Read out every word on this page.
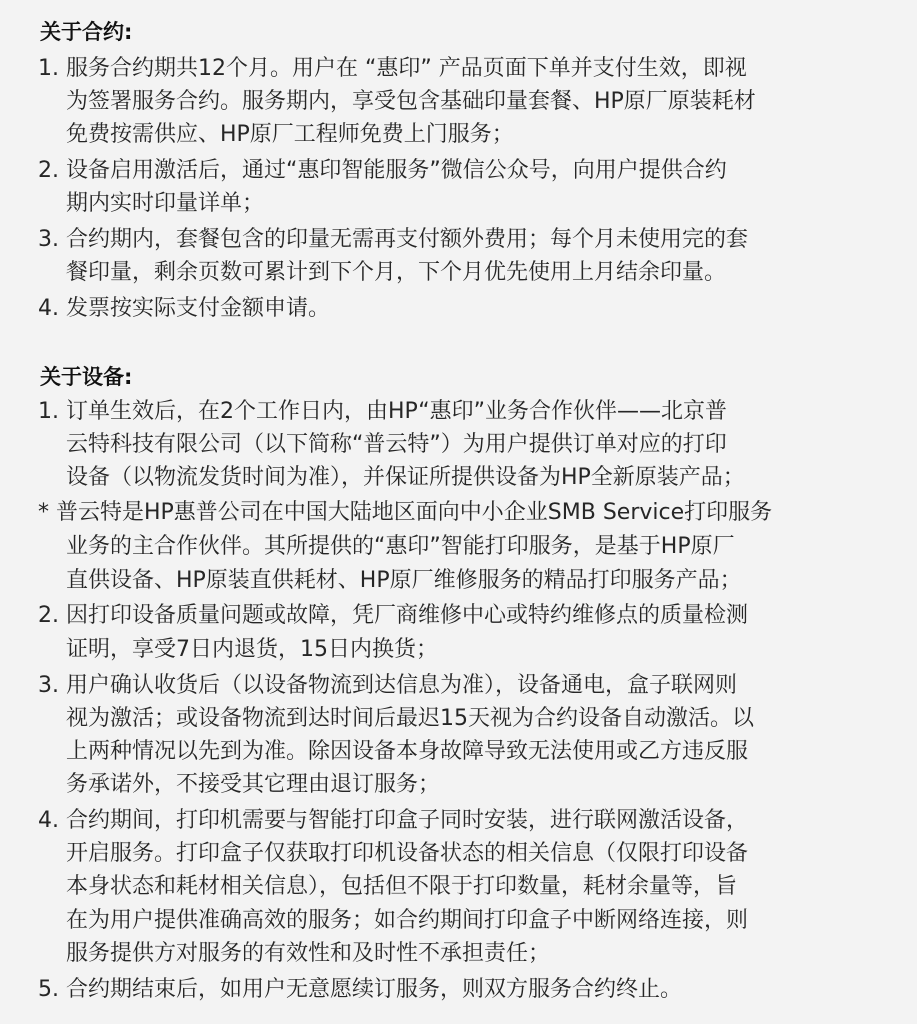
关于合约:
1. 服务合约期共12个月。用户在 “惠印” 产品页面下单并支付生效，即视
为签署服务合约。服务期内，享受包含基础印量套餐、HP原厂原装耗材
免费按需供应、HP原厂工程师免费上门服务；
2. 设备启用激活后，通过“惠印智能服务”微信公众号，向用户提供合约
期内实时印量详单；
3. 合约期内，套餐包含的印量无需再支付额外费用；每个月未使用完的套
餐印量，剩余页数可累计到下个月，下个月优先使用上月结余印量。
4. 发票按实际支付金额申请。
关于设备:
1. 订单生效后，在2个工作日内，由HP“惠印”业务合作伙伴——北京普
云特科技有限公司（以下简称“普云特”）为用户提供订单对应的打印
设备（以物流发货时间为准），并保证所提供设备为HP全新原装产品；
* 普云特是HP惠普公司在中国大陆地区面向中小企业SMB Service打印服务
业务的主合作伙伴。其所提供的“惠印”智能打印服务，是基于HP原厂
直供设备、HP原装直供耗材、HP原厂维修服务的精品打印服务产品；
2. 因打印设备质量问题或故障，凭厂商维修中心或特约维修点的质量检测
证明，享受7日内退货，15日内换货；
3. 用户确认收货后（以设备物流到达信息为准），设备通电，盒子联网则
视为激活；或设备物流到达时间后最迟15天视为合约设备自动激活。以
上两种情况以先到为准。除因设备本身故障导致无法使用或乙方违反服
务承诺外，不接受其它理由退订服务；
4. 合约期间，打印机需要与智能打印盒子同时安装，进行联网激活设备，
开启服务。打印盒子仅获取打印机设备状态的相关信息（仅限打印设备
本身状态和耗材相关信息），包括但不限于打印数量，耗材余量等，旨
在为用户提供准确高效的服务；如合约期间打印盒子中断网络连接，则
服务提供方对服务的有效性和及时性不承担责任；
5. 合约期结束后，如用户无意愿续订服务，则双方服务合约终止。
